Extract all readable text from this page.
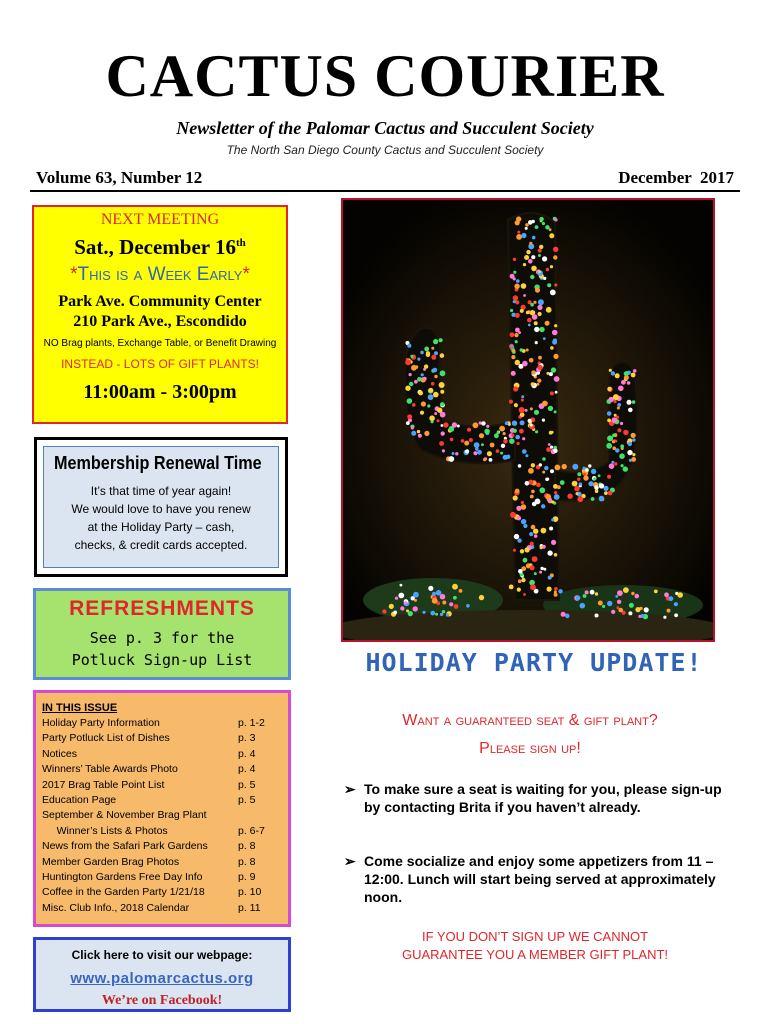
CACTUS COURIER
Newsletter of the Palomar Cactus and Succulent Society
The North San Diego County Cactus and Succulent Society
Volume 63, Number 12	December  2017
NEXT MEETING
Sat., December 16th
*This is a Week Early*
Park Ave. Community Center
210 Park Ave., Escondido
NO Brag plants, Exchange Table, or Benefit Drawing
INSTEAD - LOTS OF GIFT PLANTS!
11:00am - 3:00pm
Membership Renewal Time
It’s that time of year again!
We would love to have you renew
at the Holiday Party – cash,
checks, & credit cards accepted.
REFRESHMENTS
See p. 3 for the
Potluck Sign-up List
IN THIS ISSUE
Holiday Party Information	p. 1-2
Party Potluck List of Dishes	p. 3
Notices	p. 4
Winners’ Table Awards Photo	p. 4
2017 Brag Table Point List	p. 5
Education Page	p. 5
September & November Brag Plant
Winner’s Lists & Photos	p. 6-7
News from the Safari Park Gardens	p. 8
Member Garden Brag Photos	p. 8
Huntington Gardens Free Day Info	p. 9
Coffee in the Garden Party 1/21/18	p. 10
Misc. Club Info., 2018 Calendar	p. 11
Click here to visit our webpage:
www.palomarcactus.org
We’re on Facebook!
HOLIDAY PARTY UPDATE!
Want a guaranteed seat & gift plant?
Please sign up!
➢ To make sure a seat is waiting for you, please sign-up by contacting Brita if you haven’t already.
➢ Come socialize and enjoy some appetizers from 11 – 12:00. Lunch will start being served at approximately noon.
IF YOU DON’T SIGN UP WE CANNOT
GUARANTEE YOU A MEMBER GIFT PLANT!
